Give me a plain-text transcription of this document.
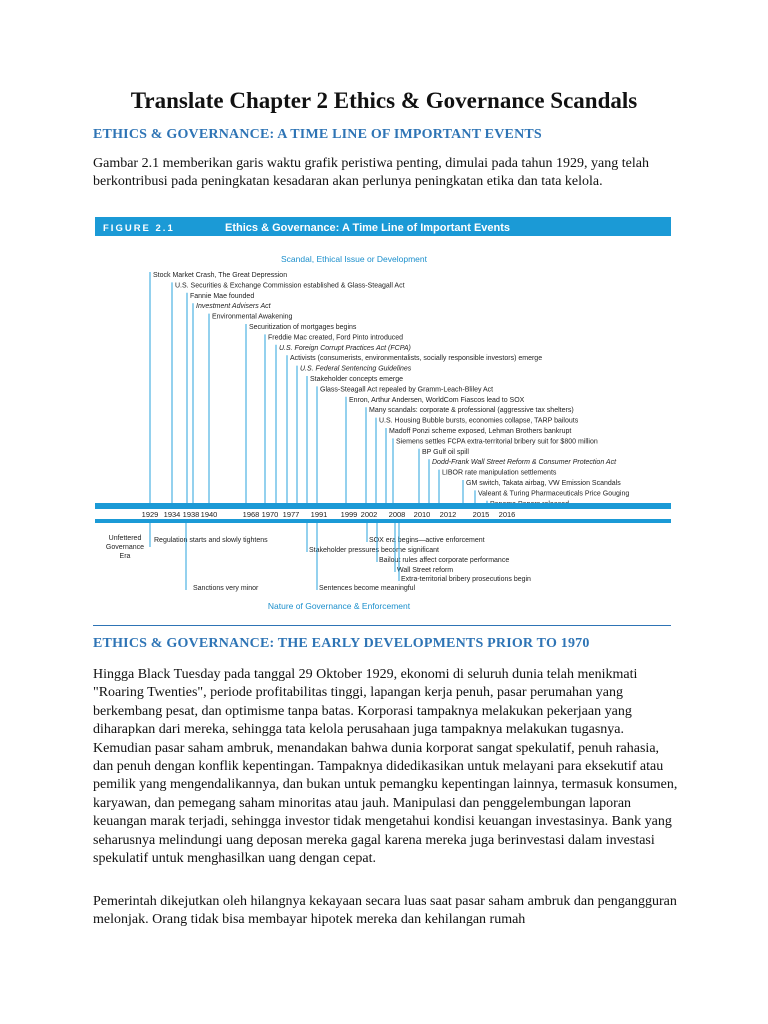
Translate Chapter 2 Ethics & Governance Scandals
ETHICS & GOVERNANCE: A TIME LINE OF IMPORTANT EVENTS

Gambar 2.1 memberikan garis waktu grafik peristiwa penting, dimulai pada tahun 1929, yang telah berkontribusi pada peningkatan kesadaran akan perlunya peningkatan etika dan tata kelola.

FIGURE 2.1	Ethics & Governance: A Time Line of Important Events
Scandal, Ethical Issue or Development
Stock Market Crash, The Great Depression
U.S. Securities & Exchange Commission established & Glass-Steagall Act
Fannie Mae founded
Investment Advisers Act
Environmental Awakening
Securitization of mortgages begins
Freddie Mac created, Ford Pinto introduced
U.S. Foreign Corrupt Practices Act (FCPA)
Activists (consumerists, environmentalists, socially responsible investors) emerge
U.S. Federal Sentencing Guidelines
Stakeholder concepts emerge
Glass-Steagall Act repealed by Gramm-Leach-Bliley Act
Enron, Arthur Andersen, WorldCom Fiascos lead to SOX
Many scandals: corporate & professional (aggressive tax shelters)
U.S. Housing Bubble bursts, economies collapse, TARP bailouts
Madoff Ponzi scheme exposed, Lehman Brothers bankrupt
Siemens settles FCPA extra-territorial bribery suit for $800 million
BP Gulf oil spill
Dodd-Frank Wall Street Reform & Consumer Protection Act
LIBOR rate manipulation settlements
GM switch, Takata airbag, VW Emission Scandals
Valeant & Turing Pharmaceuticals Price Gouging
1929 1934 1938 1940	1968 1970 1977 1991 1999 2002 2008 2010 2012 2015 2016
Unfettered
Governance
Era
Regulation starts and slowly tightens
Sanctions very minor
Stakeholder pressures become significant
Sentences become meaningful
SOX era begins—active enforcement
Bailout rules affect corporate performance
Wall Street reform
Extra-territorial bribery prosecutions begin
Nature of Governance & Enforcement
ETHICS & GOVERNANCE: THE EARLY DEVELOPMENTS PRIOR TO 1970

Hingga Black Tuesday pada tanggal 29 Oktober 1929, ekonomi di seluruh dunia telah menikmati "Roaring Twenties", periode profitabilitas tinggi, lapangan kerja penuh, pasar perumahan yang berkembang pesat, dan optimisme tanpa batas. Korporasi tampaknya melakukan pekerjaan yang diharapkan dari mereka, sehingga tata kelola perusahaan juga tampaknya melakukan tugasnya. Kemudian pasar saham ambruk, menandakan bahwa dunia korporat sangat spekulatif, penuh rahasia, dan penuh dengan konflik kepentingan. Tampaknya didedikasikan untuk melayani para eksekutif atau pemilik yang mengendalikannya, dan bukan untuk pemangku kepentingan lainnya, termasuk konsumen, karyawan, dan pemegang saham minoritas atau jauh. Manipulasi dan penggelembungan laporan keuangan marak terjadi, sehingga investor tidak mengetahui kondisi keuangan investasinya. Bank yang seharusnya melindungi uang deposan mereka gagal karena mereka juga berinvestasi dalam investasi spekulatif untuk menghasilkan uang dengan cepat.

Pemerintah dikejutkan oleh hilangnya kekayaan secara luas saat pasar saham ambruk dan pengangguran melonjak. Orang tidak bisa membayar hipotek mereka dan kehilangan rumah
